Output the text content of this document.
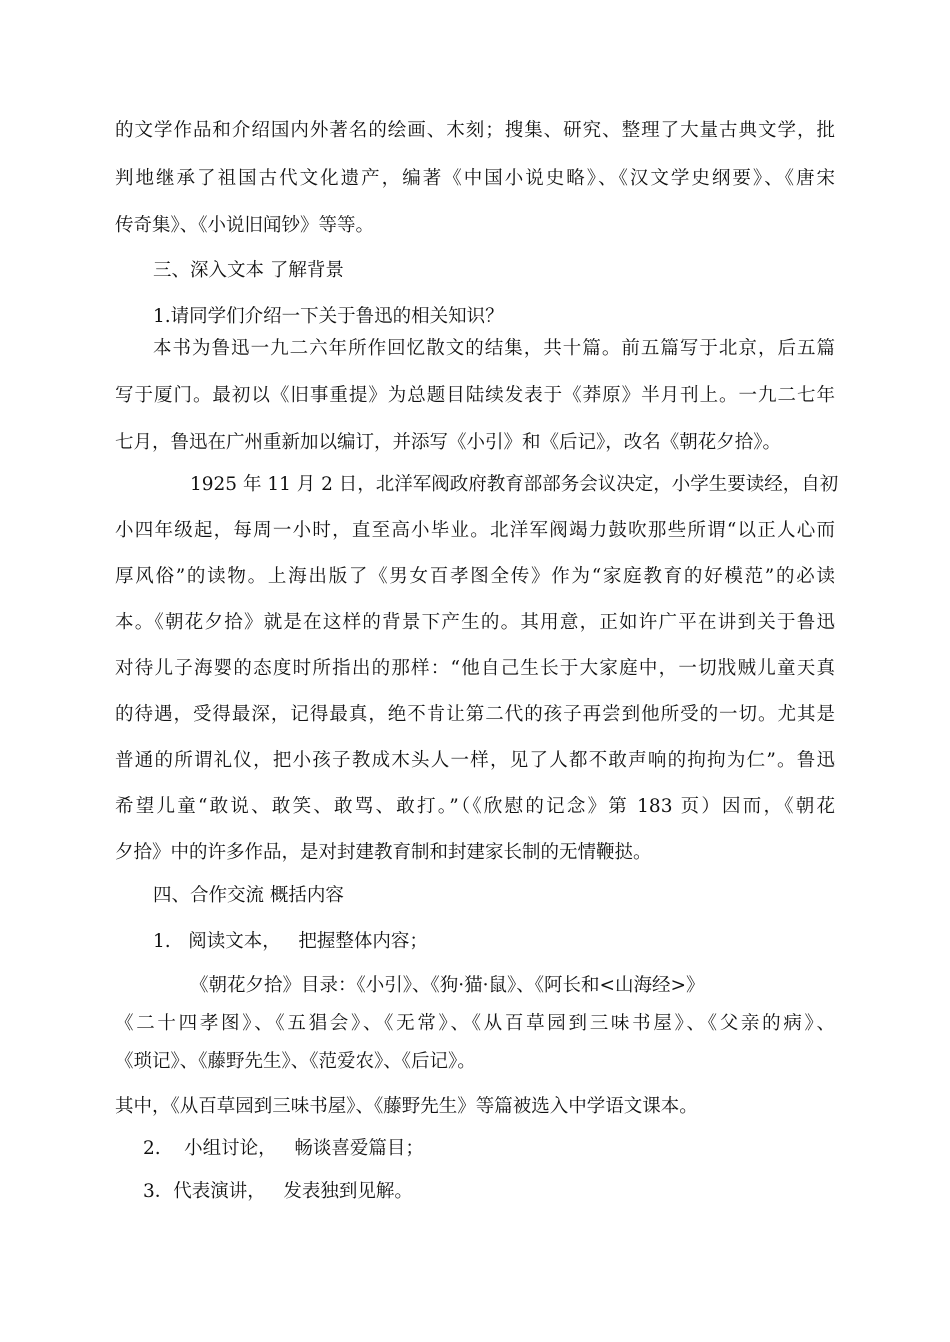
的文学作品和介绍国内外著名的绘画、木刻；搜集、研究、整理了大量古典文学，批
判地继承了祖国古代文化遗产，编著《中国小说史略》、《汉文学史纲要》、《唐宋
传奇集》、《小说旧闻钞》等等。
三、深入文本 了解背景
1.请同学们介绍一下关于鲁迅的相关知识？
本书为鲁迅一九二六年所作回忆散文的结集，共十篇。前五篇写于北京，后五篇
写于厦门。最初以《旧事重提》为总题目陆续发表于《莽原》半月刊上。一九二七年
七月，鲁迅在广州重新加以编订，并添写《小引》和《后记》，改名《朝花夕拾》。
1925 年 11 月 2 日，北洋军阀政府教育部部务会议决定，小学生要读经，自初
小四年级起，每周一小时，直至高小毕业。北洋军阀竭力鼓吹那些所谓“以正人心而
厚风俗”的读物。上海出版了《男女百孝图全传》作为“家庭教育的好模范”的必读
本。《朝花夕拾》就是在这样的背景下产生的。其用意，正如许广平在讲到关于鲁迅
对待儿子海婴的态度时所指出的那样：“他自己生长于大家庭中，一切戕贼儿童天真
的待遇，受得最深，记得最真，绝不肯让第二代的孩子再尝到他所受的一切。尤其是
普通的所谓礼仪，把小孩子教成木头人一样，见了人都不敢声响的拘拘为仁”。鲁迅
希望儿童“敢说、敢笑、敢骂、敢打。”（《欣慰的记念》第 183 页）因而，《朝花
夕拾》中的许多作品，是对封建教育制和封建家长制的无情鞭挞。
四、合作交流 概括内容
1.   阅读文本，   把握整体内容；
《朝花夕拾》目录：《小引》、《狗·猫·鼠》、《阿长和<山海经>》
《二十四孝图》、《五猖会》、《无常》、《从百草园到三味书屋》、《父亲的病》、
《琐记》、《藤野先生》、《范爱农》、《后记》。
其中，《从百草园到三味书屋》、《藤野先生》等篇被选入中学语文课本。
2.    小组讨论，   畅谈喜爱篇目；
3．代表演讲，   发表独到见解。
